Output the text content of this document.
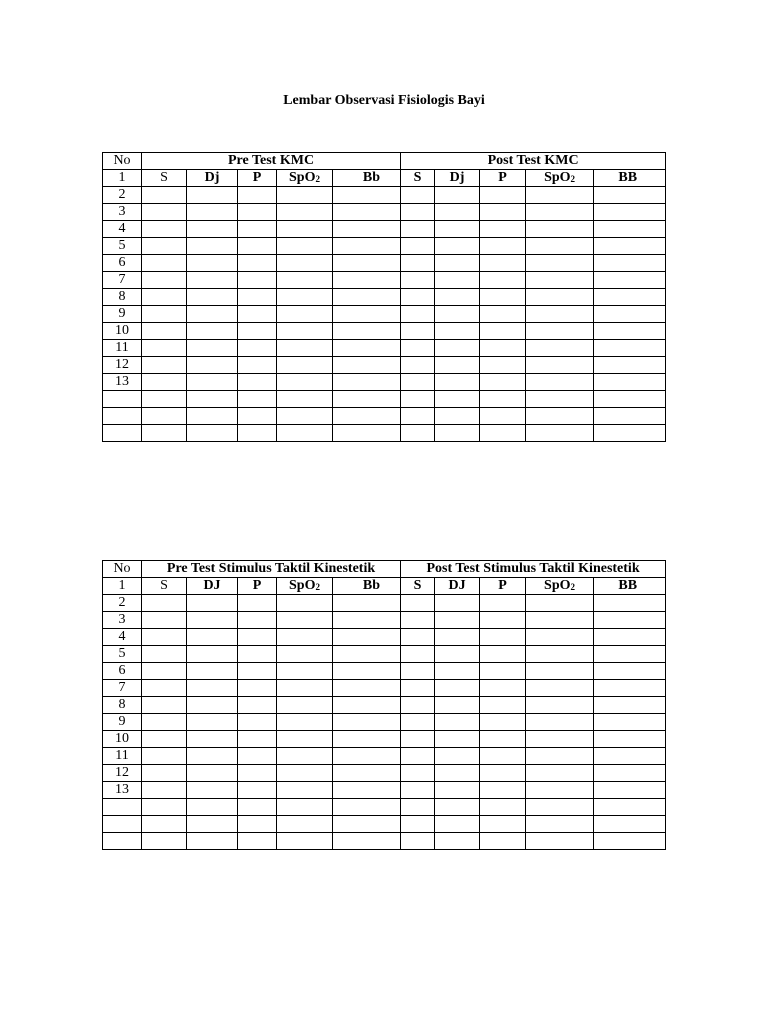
Lembar Observasi Fisiologis Bayi
No	Pre Test KMC					Post Test KMC				
1	S	Dj	P	SpO$_2$	Bb	S	Dj	P	SpO$_2$	BB
2										
3										
4										
5										
6										
7										
8										
9										
10										
11										
12										
13										

No	Pre Test Stimulus Taktil Kinestetik					Post Test Stimulus Taktil Kinestetik				
1	S	DJ	P	SpO$_2$	Bb	S	DJ	P	SpO$_2$	BB
2										
3										
4										
5										
6										
7										
8										
9										
10										
11										
12										
13										
